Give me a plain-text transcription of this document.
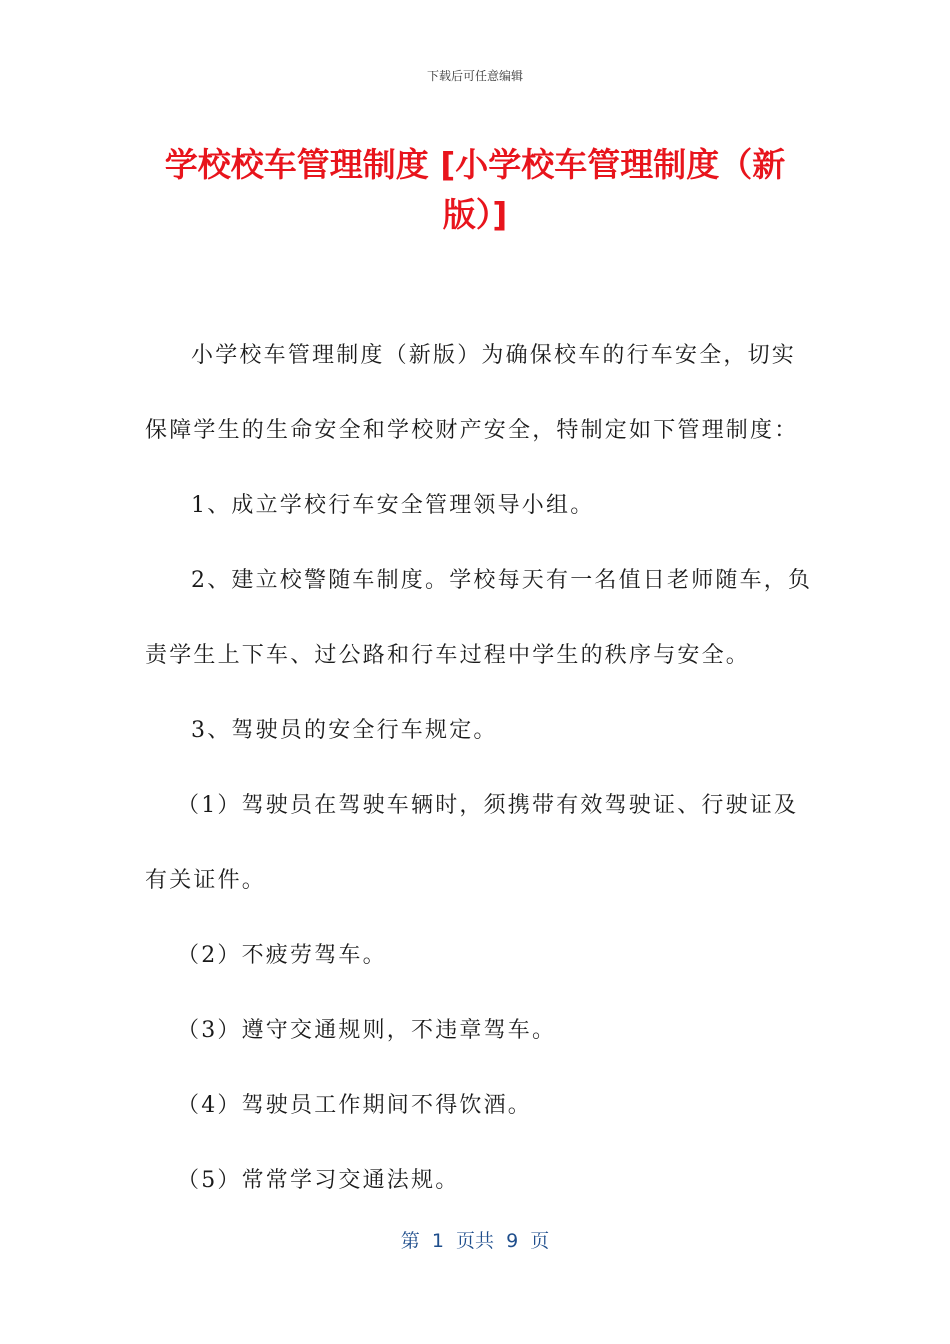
下载后可任意编辑
学校校车管理制度 [小学校车管理制度（新版）]

小学校车管理制度（新版）为确保校车的行车安全，切实

保障学生的生命安全和学校财产安全，特制定如下管理制度：

1、成立学校行车安全管理领导小组。

2、建立校警随车制度。学校每天有一名值日老师随车，负

责学生上下车、过公路和行车过程中学生的秩序与安全。

3、驾驶员的安全行车规定。

（1）驾驶员在驾驶车辆时，须携带有效驾驶证、行驶证及

有关证件。

（2）不疲劳驾车。

（3）遵守交通规则，不违章驾车。

（4）驾驶员工作期间不得饮酒。

（5）常常学习交通法规。

第  1  页共  9  页
